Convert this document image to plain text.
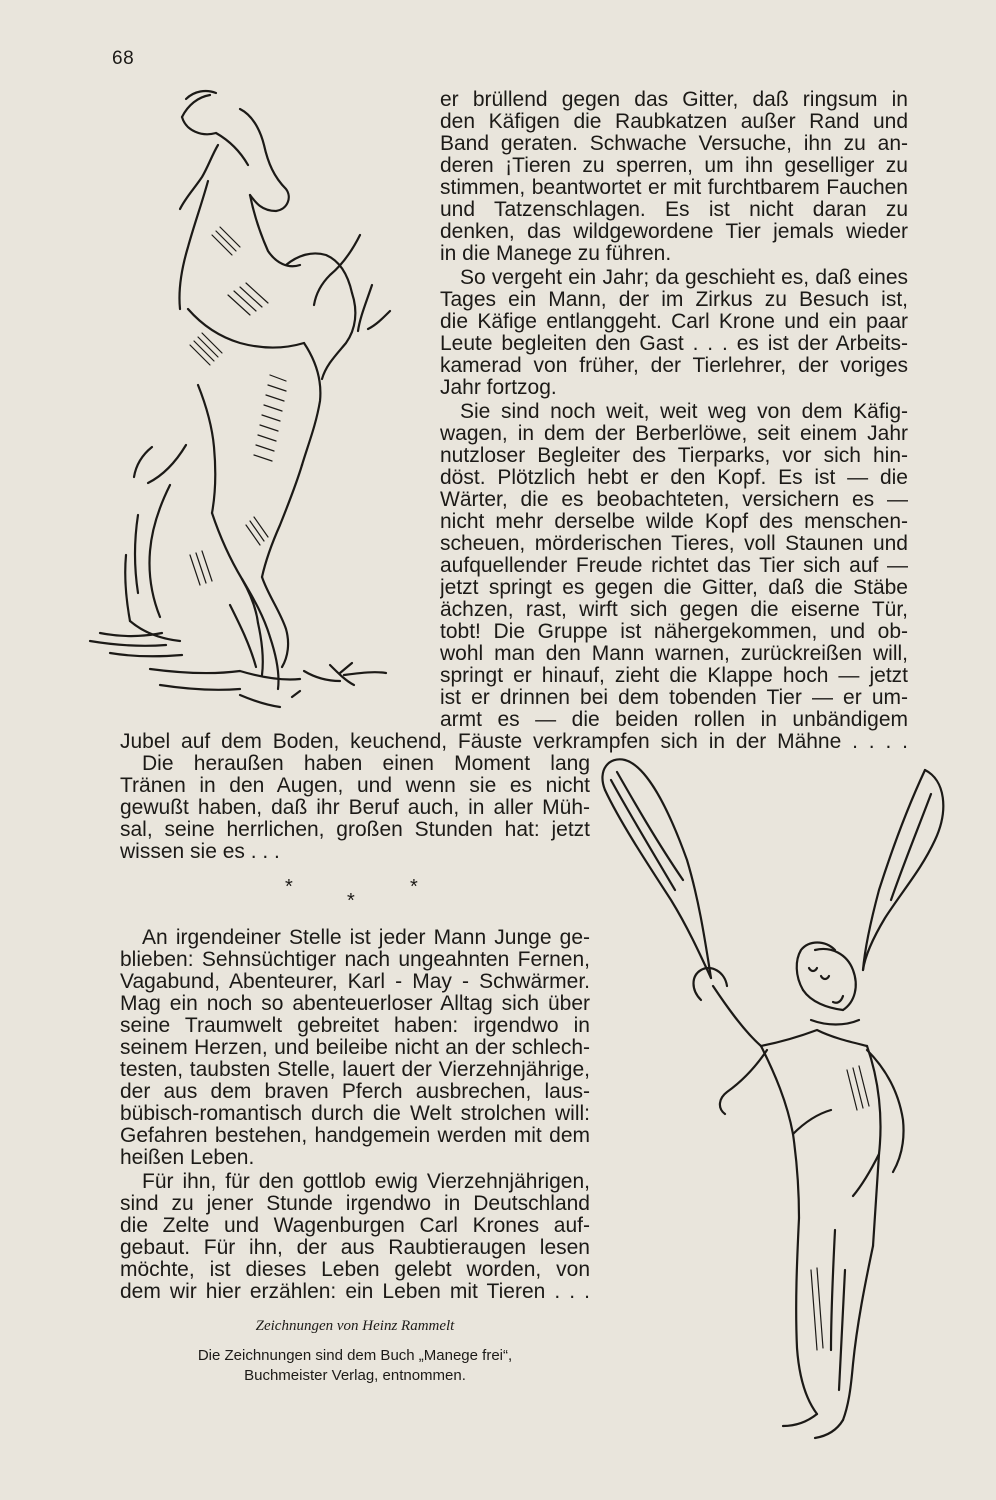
68
er brüllend gegen das Gitter, daß ringsum in
den Käfigen die Raubkatzen außer Rand und
Band geraten. Schwache Versuche, ihn zu an-
deren ¡Tieren zu sperren, um ihn geselliger zu
stimmen, beantwortet er mit furchtbarem Fauchen
und Tatzenschlagen. Es ist nicht daran zu
denken, das wildgewordene Tier jemals wieder
in die Manege zu führen.
So vergeht ein Jahr; da geschieht es, daß eines
Tages ein Mann, der im Zirkus zu Besuch ist,
die Käfige entlanggeht. Carl Krone und ein paar
Leute begleiten den Gast . . . es ist der Arbeits-
kamerad von früher, der Tierlehrer, der voriges
Jahr fortzog.
Sie sind noch weit, weit weg von dem Käfig-
wagen, in dem der Berberlöwe, seit einem Jahr
nutzloser Begleiter des Tierparks, vor sich hin-
döst. Plötzlich hebt er den Kopf. Es ist — die
Wärter, die es beobachteten, versichern es —
nicht mehr derselbe wilde Kopf des menschen-
scheuen, mörderischen Tieres, voll Staunen und
aufquellender Freude richtet das Tier sich auf —
jetzt springt es gegen die Gitter, daß die Stäbe
ächzen, rast, wirft sich gegen die eiserne Tür,
tobt! Die Gruppe ist nähergekommen, und ob-
wohl man den Mann warnen, zurückreißen will,
springt er hinauf, zieht die Klappe hoch — jetzt
ist er drinnen bei dem tobenden Tier — er um-
armt es — die beiden rollen in unbändigem
Jubel auf dem Boden, keuchend, Fäuste verkrampfen sich in der Mähne . . . .
Die heraußen haben einen Moment lang
Tränen in den Augen, und wenn sie es nicht
gewußt haben, daß ihr Beruf auch, in aller Müh-
sal, seine herrlichen, großen Stunden hat: jetzt
wissen sie es . . .
*
*
*
An irgendeiner Stelle ist jeder Mann Junge ge-
blieben: Sehnsüchtiger nach ungeahnten Fernen,
Vagabund, Abenteurer, Karl - May - Schwärmer.
Mag ein noch so abenteuerloser Alltag sich über
seine Traumwelt gebreitet haben: irgendwo in
seinem Herzen, und beileibe nicht an der schlech-
testen, taubsten Stelle, lauert der Vierzehnjährige,
der aus dem braven Pferch ausbrechen, laus-
bübisch-romantisch durch die Welt strolchen will:
Gefahren bestehen, handgemein werden mit dem
heißen Leben.
Für ihn, für den gottlob ewig Vierzehnjährigen,
sind zu jener Stunde irgendwo in Deutschland
die Zelte und Wagenburgen Carl Krones auf-
gebaut. Für ihn, der aus Raubtieraugen lesen
möchte, ist dieses Leben gelebt worden, von
dem wir hier erzählen: ein Leben mit Tieren . . .
Zeichnungen von Heinz Rammelt
Die Zeichnungen sind dem Buch „Manege frei“,
Buchmeister Verlag, entnommen.
